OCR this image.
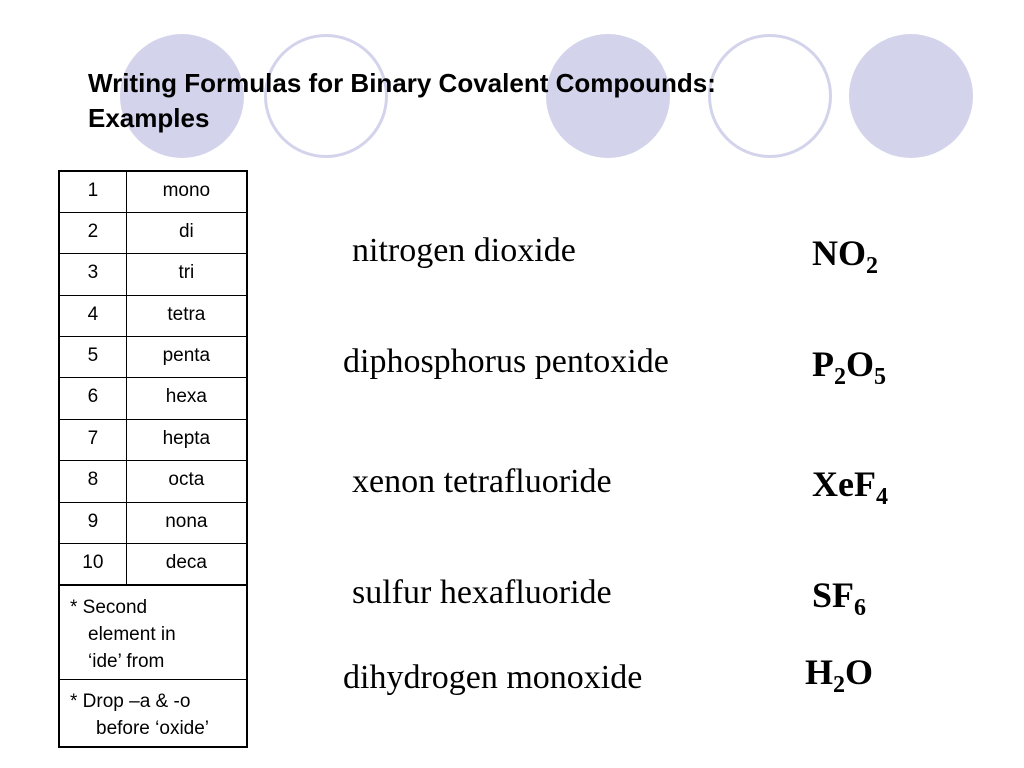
Writing Formulas for Binary Covalent Compounds:
Examples
1	mono
2	di
3	tri
4	tetra
5	penta
6	hexa
7	hepta
8	octa
9	nona
10	deca

* Second
element in
‘ide’ from	

* Drop –a & -o
before ‘oxide’	
nitrogen dioxide	$NO_2$
diphosphorus pentoxide	$P_2O_5$
xenon tetrafluoride	XeF$_4$
sulfur hexafluoride	$SF_6$
dihydrogen monoxide	$H_2O$
